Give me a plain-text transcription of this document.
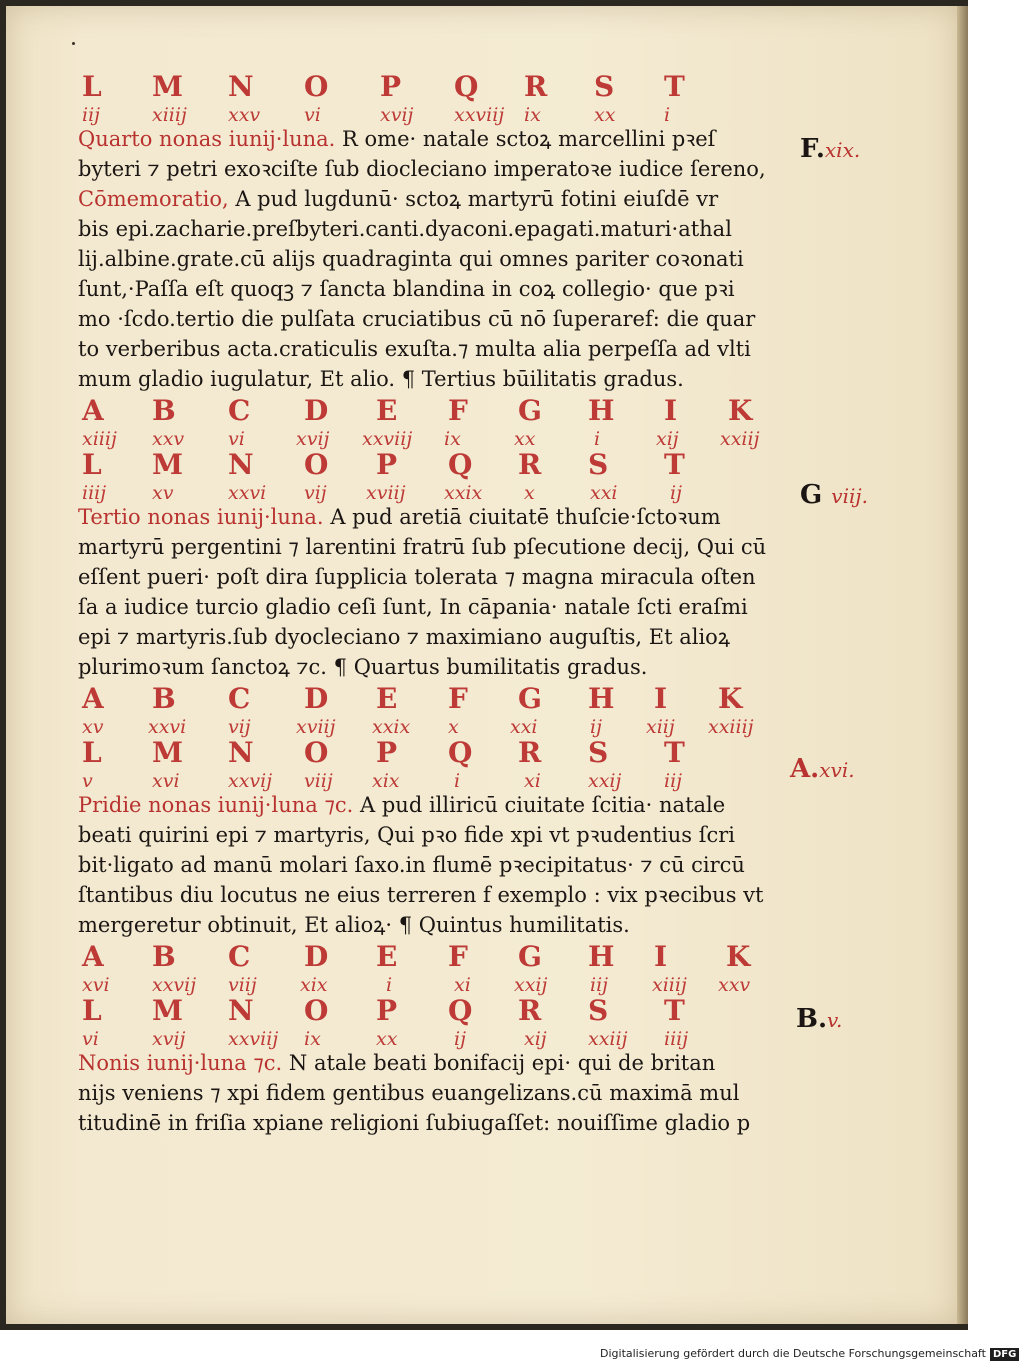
L M N O P Q R S T
iij	xiiij xxv vi	xvij xxviij ix	xx	i
Quarto nonas iunij·luna. R ome· natale sctoꝝ marcellini pꝛeſ
byteri ⁊ petri exoꝛciſte ſub diocleciano imperatoꝛe iudice ſereno,
Cōmemoratio, A pud lugdunū· sctoꝝ martyrū fotini eiuſdē vr
bis epi.zacharie.preſbyteri.canti.dyaconi.epagati.maturi·athal
lij.albine.grate.cū alijs quadraginta qui omnes pariter coꝛonati
ſunt,·Paſſa eſt quoqꝫ ⁊ ſancta blandina in coꝝ collegio· que pꝛi
mo ·ſcdo.tertio die pulſata cruciatibus cū nō ſuperaref: die quar
to verberibus acta.craticulis exuſta.⁊ multa alia perpeſſa ad vlti
mum gladio iugulatur, Et alio. ¶ Tertius būilitatis gradus.
A B C D E F G H I K
xiiij xxv vi	xvij xxviij ix	xx	i	xij xxiij
L M N O P Q R S T
iiij xv	xxvi vij xviij xxix x	xxi	ij
Tertio nonas iunij·luna. A pud aretiā ciuitatē thuſcie·ſctoꝛum
martyrū pergentini ⁊ larentini fratrū ſub pſecutione decij, Qui cū
eſſent pueri· poſt dira ſupplicia tolerata ⁊ magna miracula oſten
ſa a iudice turcio gladio ceſi ſunt, In cāpania· natale ſcti eraſmi
epi ⁊ martyris.ſub dyocleciano ⁊ maximiano auguſtis, Et alioꝝ
plurimoꝛum ſanctoꝝ ⁊c. ¶ Quartus bumilitatis gradus.
A B C D E F G H I K
xv xxvi vij xviij xxix x	xxi	ij xiij xxiiij
L M N O P Q R S T
v	xvi	xxvij viij xix	i	xi xxij iij
Pridie nonas iunij·luna ⁊c. A pud illiricū ciuitate ſcitia· natale
beati quirini epi ⁊ martyris, Qui pꝛo fide xpi vt pꝛudentius ſcri
bit·ligato ad manū molari ſaxo.in flumē pꝛecipitatus· ⁊ cū circū
ſtantibus diu locutus ne eius terreren f exemplo : vix pꝛecibus vt
mergeretur obtinuit, Et alioꝝ· ¶ Quintus humilitatis.
A B C D E F G H I K
xvi xxvij viij xix	i	xi xxij iij xiiij xxv
L M N O P Q R S T
vi	xvij xxviij ix	xx	ij	xij xxiij iiij
Nonis iunij·luna ⁊c. N atale beati bonifacij epi· qui de britan
nijs veniens ⁊ xpi fidem gentibus euangelizans.cū maximā mul
titudinē in friſia xpiane religioni ſubiugaſſet: nouiſſime gladio p
F.xix.
G viij.
A.xvi.
B.v.
Digitalisierung gefördert durch die Deutsche Forschungsgemeinschaft DFG
